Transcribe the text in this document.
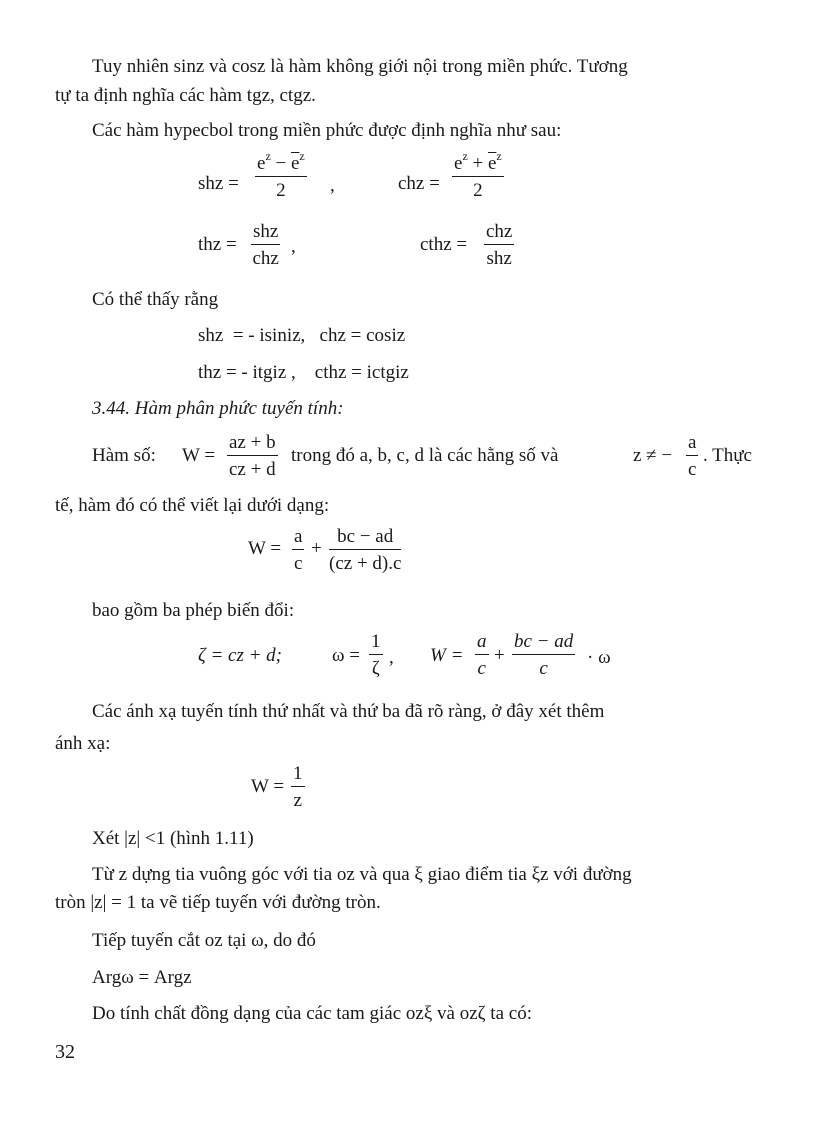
Tuy nhiên sinz và cosz là hàm không giới nội trong miền phức. Tương
tự ta định nghĩa các hàm tgz, ctgz.
Các hàm hypecbol trong miền phức được định nghĩa như sau:
shz =
$e^z - \overline{e}^z$
2 ,	chz =
$e^z + \overline{e}^z$
2
thz =
shz
chz
,	cthz =
chz
shz
Có thể thấy rằng
shz  = - isiniz,   chz = cosiz
thz = - itgiz ,    cthz = ictgiz
3.44. Hàm phân phức tuyến tính:
Hàm số: W =
az + b
cz + d
trong đó a, b, c, d là các hằng số và	z ≠ −
a
c
. Thực
tế, hàm đó có thể viết lại dưới dạng:
W =
a
c
+
bc − ad
(cz + d).c
bao gồm ba phép biến đổi:
ζ = cz + d;	ω =
1
ζ
, W =
a
c
+
bc − ad
c
· ω
Các ánh xạ tuyến tính thứ nhất và thứ ba đã rõ ràng, ở đây xét thêm
ánh xạ:
W =
1
z
Xét |z| <1 (hình 1.11)
Từ z dựng tia vuông góc với tia oz và qua ξ giao điểm tia ξz với đường
tròn |z| = 1 ta vẽ tiếp tuyến với đường tròn.
Tiếp tuyến cắt oz tại ω, do đó
Argω = Argz
Do tính chất đồng dạng của các tam giác ozξ và ozζ ta có:
32
